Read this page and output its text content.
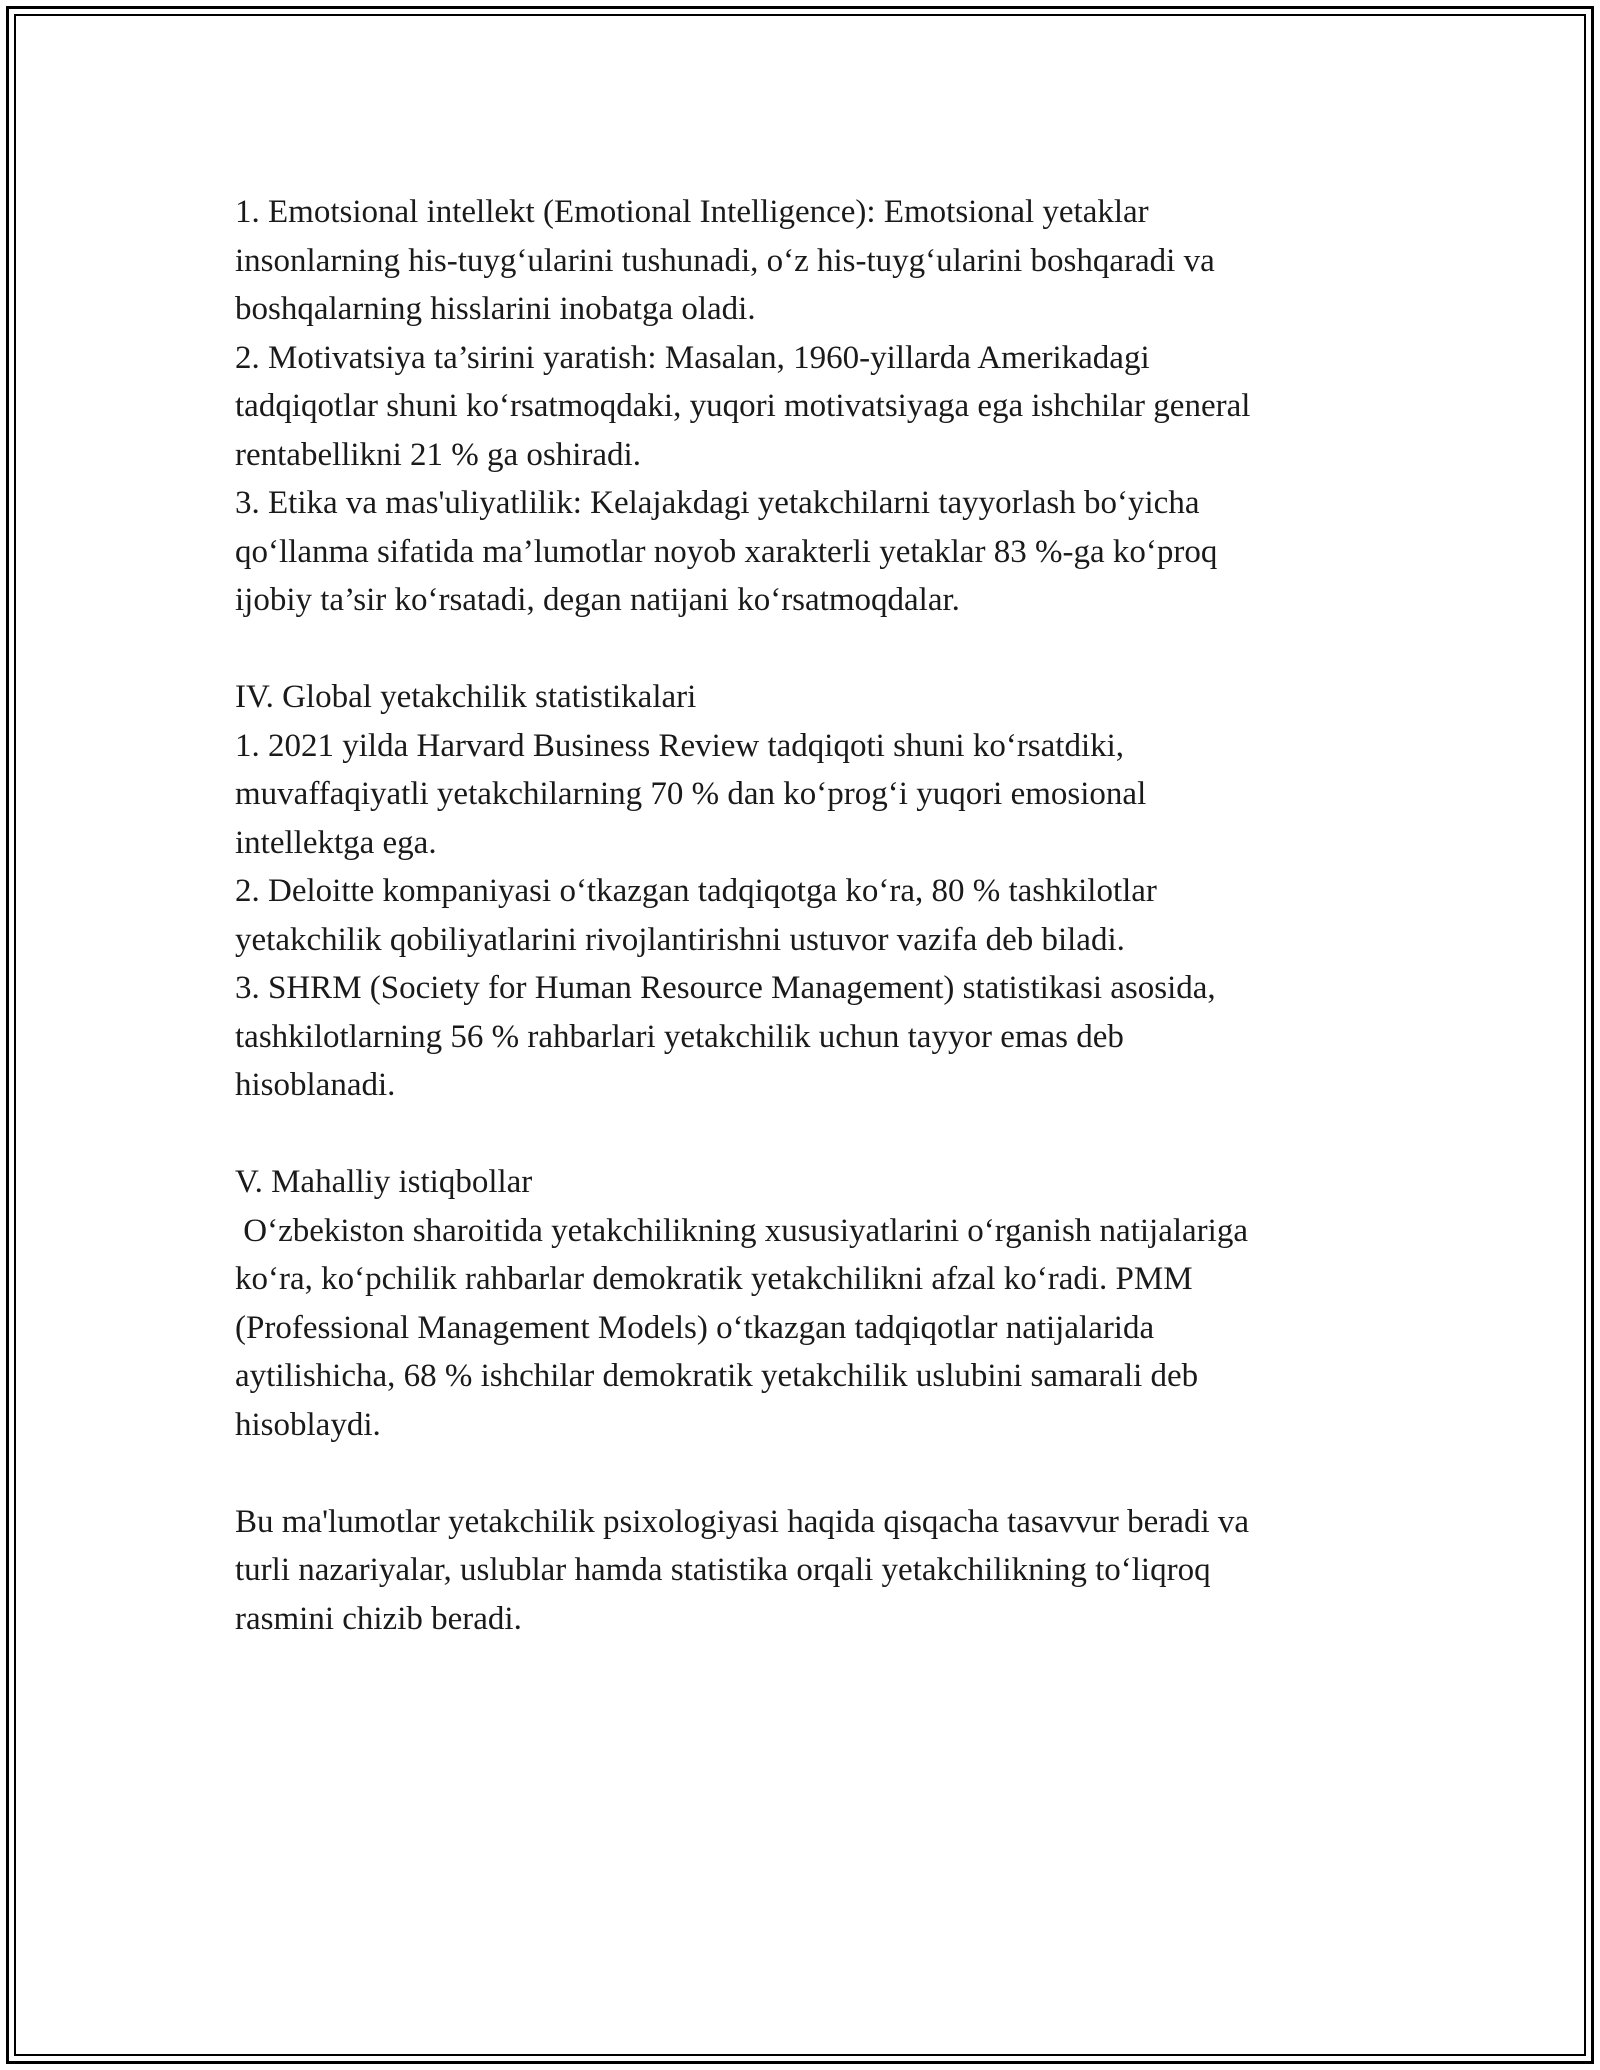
1. Emotsional intellekt (Emotional Intelligence): Emotsional yetaklar
insonlarning his-tuyg‘ularini tushunadi, o‘z his-tuyg‘ularini boshqaradi va
boshqalarning hisslarini inobatga oladi.
2. Motivatsiya ta’sirini yaratish: Masalan, 1960-yillarda Amerikadagi
tadqiqotlar shuni ko‘rsatmoqdaki, yuqori motivatsiyaga ega ishchilar general
rentabellikni 21 % ga oshiradi.
3. Etika va mas'uliyatlilik: Kelajakdagi yetakchilarni tayyorlash bo‘yicha
qo‘llanma sifatida ma’lumotlar noyob xarakterli yetaklar 83 %-ga ko‘proq
ijobiy ta’sir ko‘rsatadi, degan natijani ko‘rsatmoqdalar.
IV. Global yetakchilik statistikalari
1. 2021 yilda Harvard Business Review tadqiqoti shuni ko‘rsatdiki,
muvaffaqiyatli yetakchilarning 70 % dan ko‘prog‘i yuqori emosional
intellektga ega.
2. Deloitte kompaniyasi o‘tkazgan tadqiqotga ko‘ra, 80 % tashkilotlar
yetakchilik qobiliyatlarini rivojlantirishni ustuvor vazifa deb biladi.
3. SHRM (Society for Human Resource Management) statistikasi asosida,
tashkilotlarning 56 % rahbarlari yetakchilik uchun tayyor emas deb
hisoblanadi.
V. Mahalliy istiqbollar
O‘zbekiston sharoitida yetakchilikning xususiyatlarini o‘rganish natijalariga
ko‘ra, ko‘pchilik rahbarlar demokratik yetakchilikni afzal ko‘radi. PMM
(Professional Management Models) o‘tkazgan tadqiqotlar natijalarida
aytilishicha, 68 % ishchilar demokratik yetakchilik uslubini samarali deb
hisoblaydi.
Bu ma'lumotlar yetakchilik psixologiyasi haqida qisqacha tasavvur beradi va
turli nazariyalar, uslublar hamda statistika orqali yetakchilikning to‘liqroq
rasmini chizib beradi.
